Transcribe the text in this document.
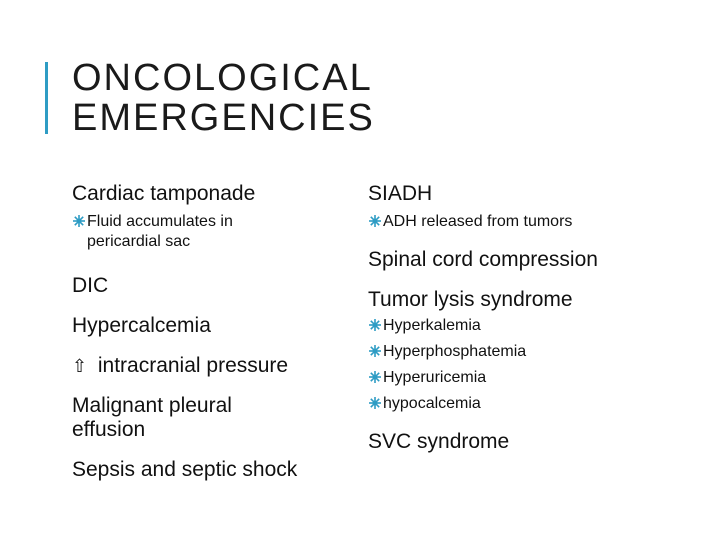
ONCOLOGICAL
EMERGENCIES

Cardiac tamponade

Fluid accumulates in
pericardial sac

DIC

Hypercalcemia

⇧ intracranial pressure

Malignant pleural
effusion

Sepsis and septic shock

SIADH

ADH released from tumors

Spinal cord compression

Tumor lysis syndrome

Hyperkalemia
Hyperphosphatemia
Hyperuricemia
hypocalcemia

SVC syndrome
